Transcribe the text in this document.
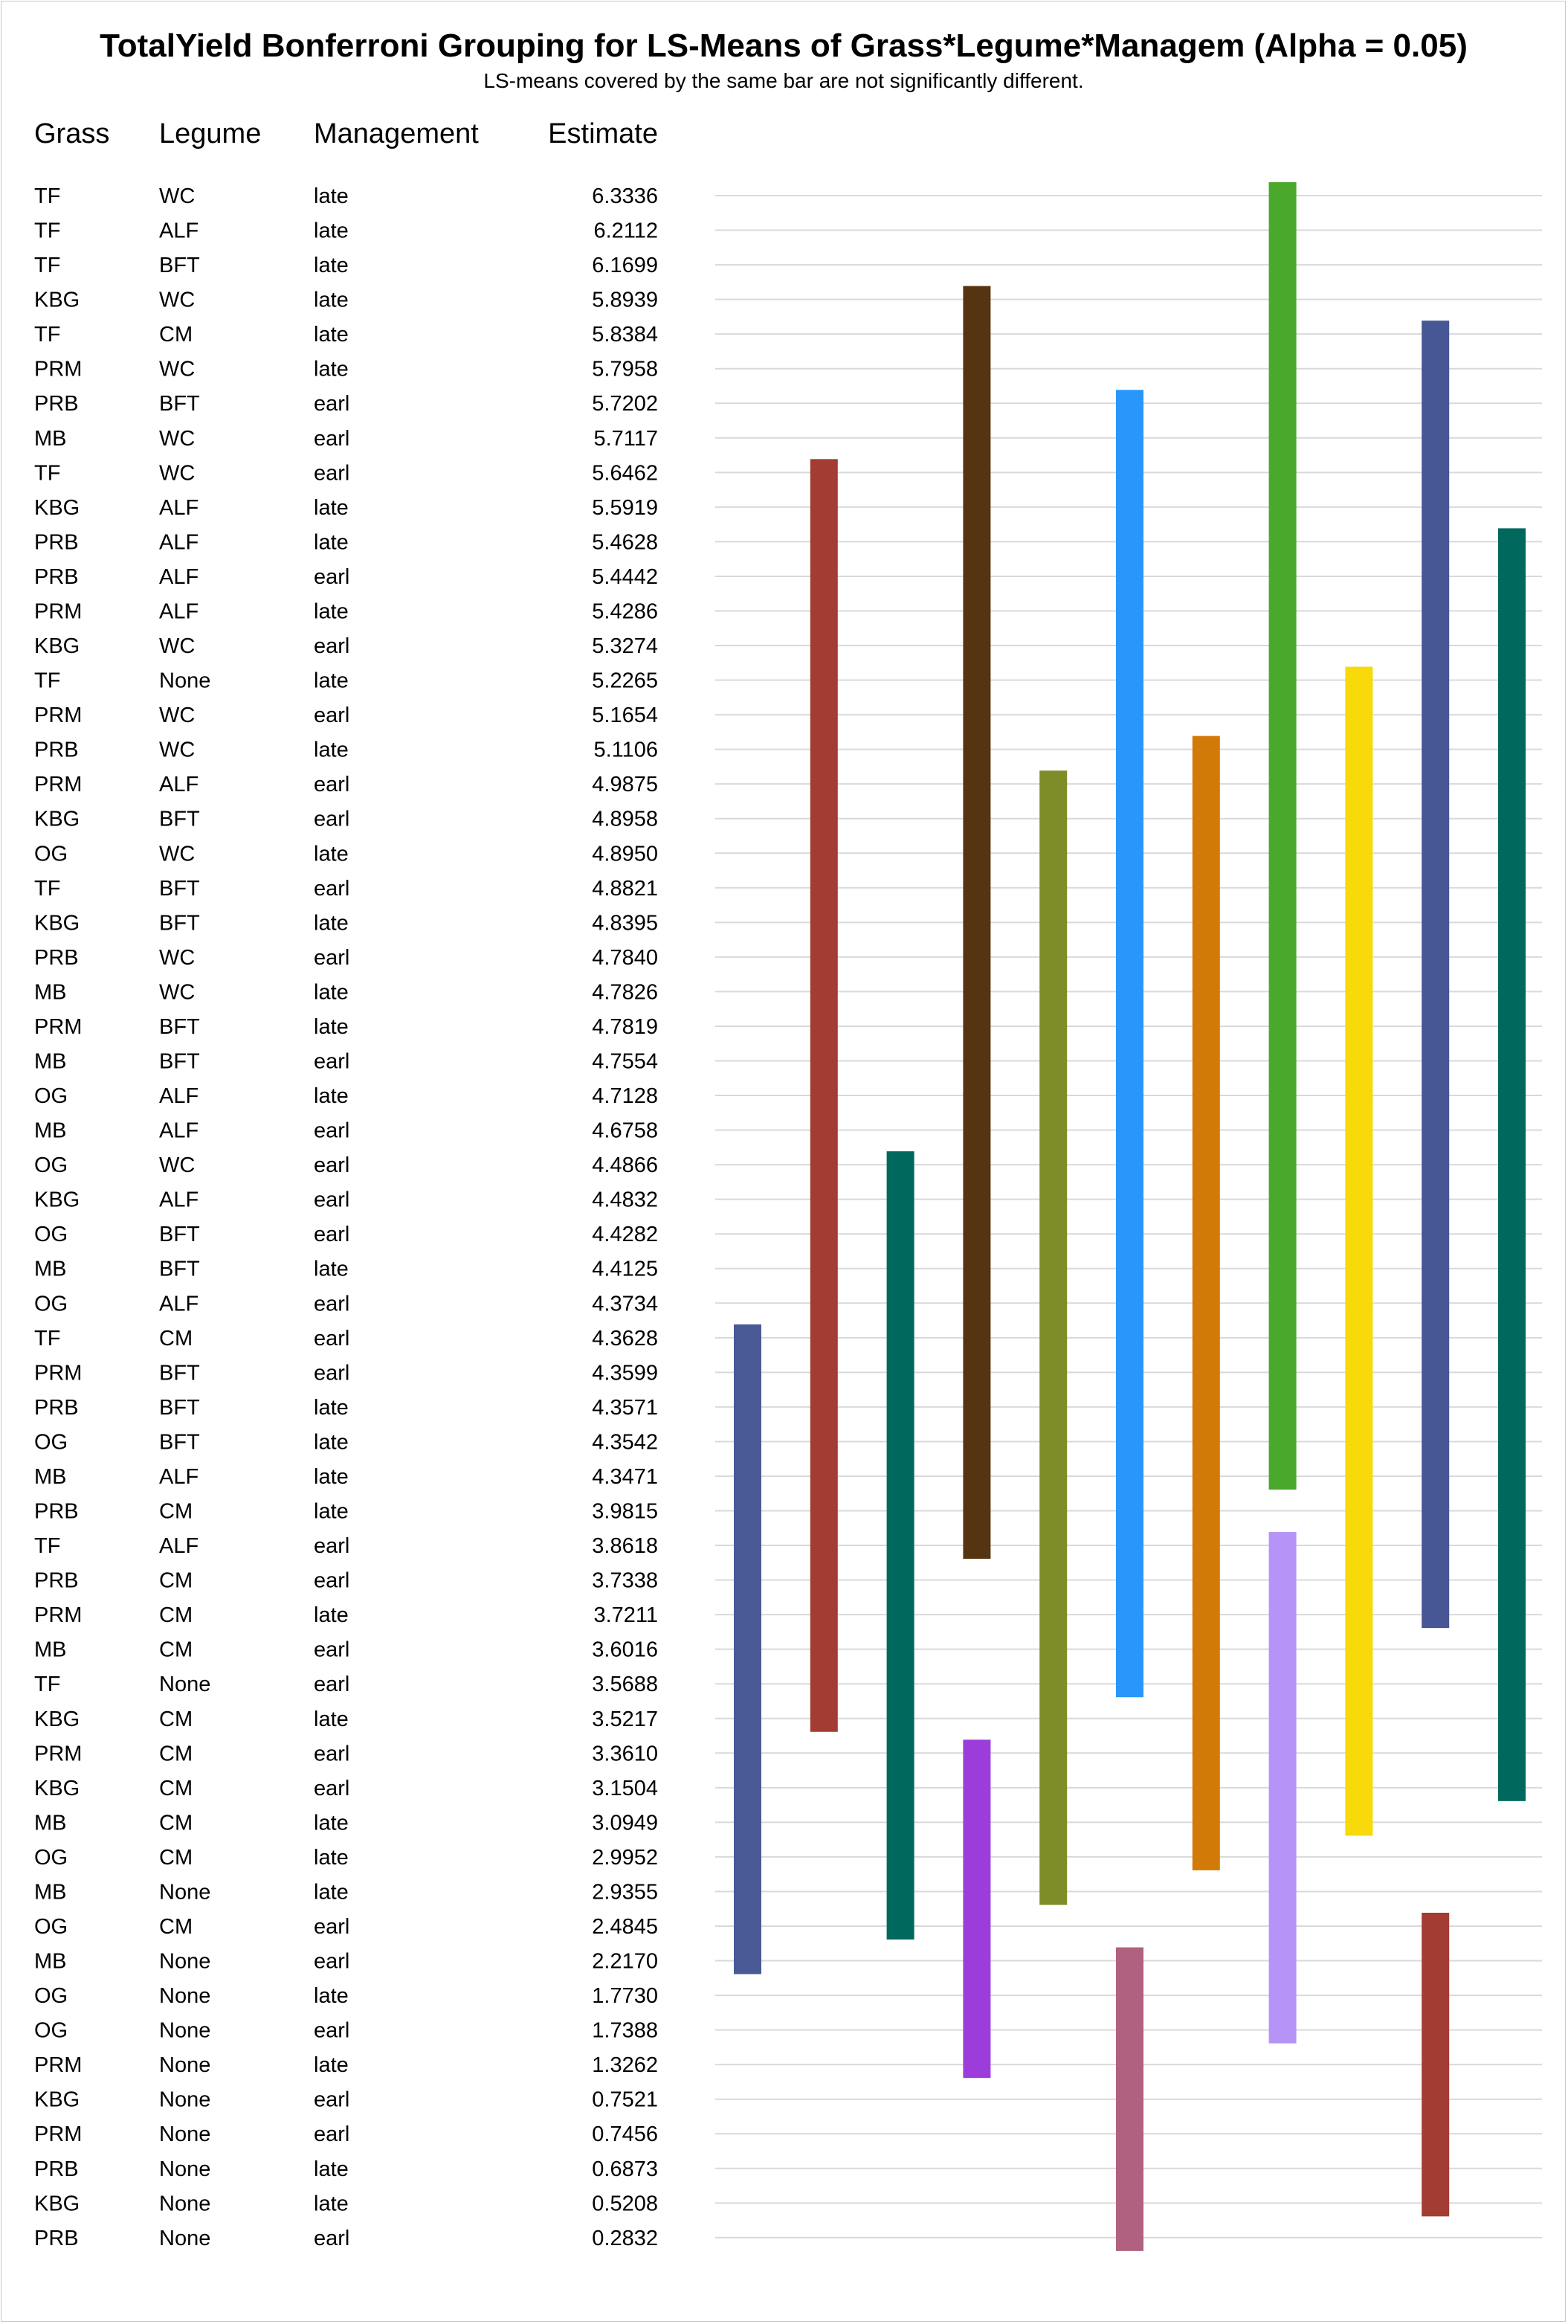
TotalYield Bonferroni Grouping for LS-Means of Grass*Legume*Managem (Alpha = 0.05)
LS-means covered by the same bar are not significantly different.
Grass Legume Management Estimate
TF	WC	late	6.3336
TF	ALF	late	6.2112
TF	BFT	late	6.1699
KBG	WC	late	5.8939
TF	CM	late	5.8384
PRM	WC	late	5.7958
PRB	BFT	earl	5.7202
MB	WC	earl	5.7117
TF	WC	earl	5.6462
KBG	ALF	late	5.5919
PRB	ALF	late	5.4628
PRB	ALF	earl	5.4442
PRM	ALF	late	5.4286
KBG	WC	earl	5.3274
TF	None	late	5.2265
PRM	WC	earl	5.1654
PRB	WC	late	5.1106
PRM	ALF	earl	4.9875
KBG	BFT	earl	4.8958
OG	WC	late	4.8950
TF	BFT	earl	4.8821
KBG	BFT	late	4.8395
PRB	WC	earl	4.7840
MB	WC	late	4.7826
PRM	BFT	late	4.7819
MB	BFT	earl	4.7554
OG	ALF	late	4.7128
MB	ALF	earl	4.6758
OG	WC	earl	4.4866
KBG	ALF	earl	4.4832
OG	BFT	earl	4.4282
MB	BFT	late	4.4125
OG	ALF	earl	4.3734
TF	CM	earl	4.3628
PRM	BFT	earl	4.3599
PRB	BFT	late	4.3571
OG	BFT	late	4.3542
MB	ALF	late	4.3471
PRB	CM	late	3.9815
TF	ALF	earl	3.8618
PRB	CM	earl	3.7338
PRM	CM	late	3.7211
MB	CM	earl	3.6016
TF	None	earl	3.5688
KBG	CM	late	3.5217
PRM	CM	earl	3.3610
KBG	CM	earl	3.1504
MB	CM	late	3.0949
OG	CM	late	2.9952
MB	None	late	2.9355
OG	CM	earl	2.4845
MB	None	earl	2.2170
OG	None	late	1.7730
OG	None	earl	1.7388
PRM	None	late	1.3262
KBG	None	earl	0.7521
PRM	None	earl	0.7456
PRB	None	late	0.6873
KBG	None	late	0.5208
PRB	None	earl	0.2832
